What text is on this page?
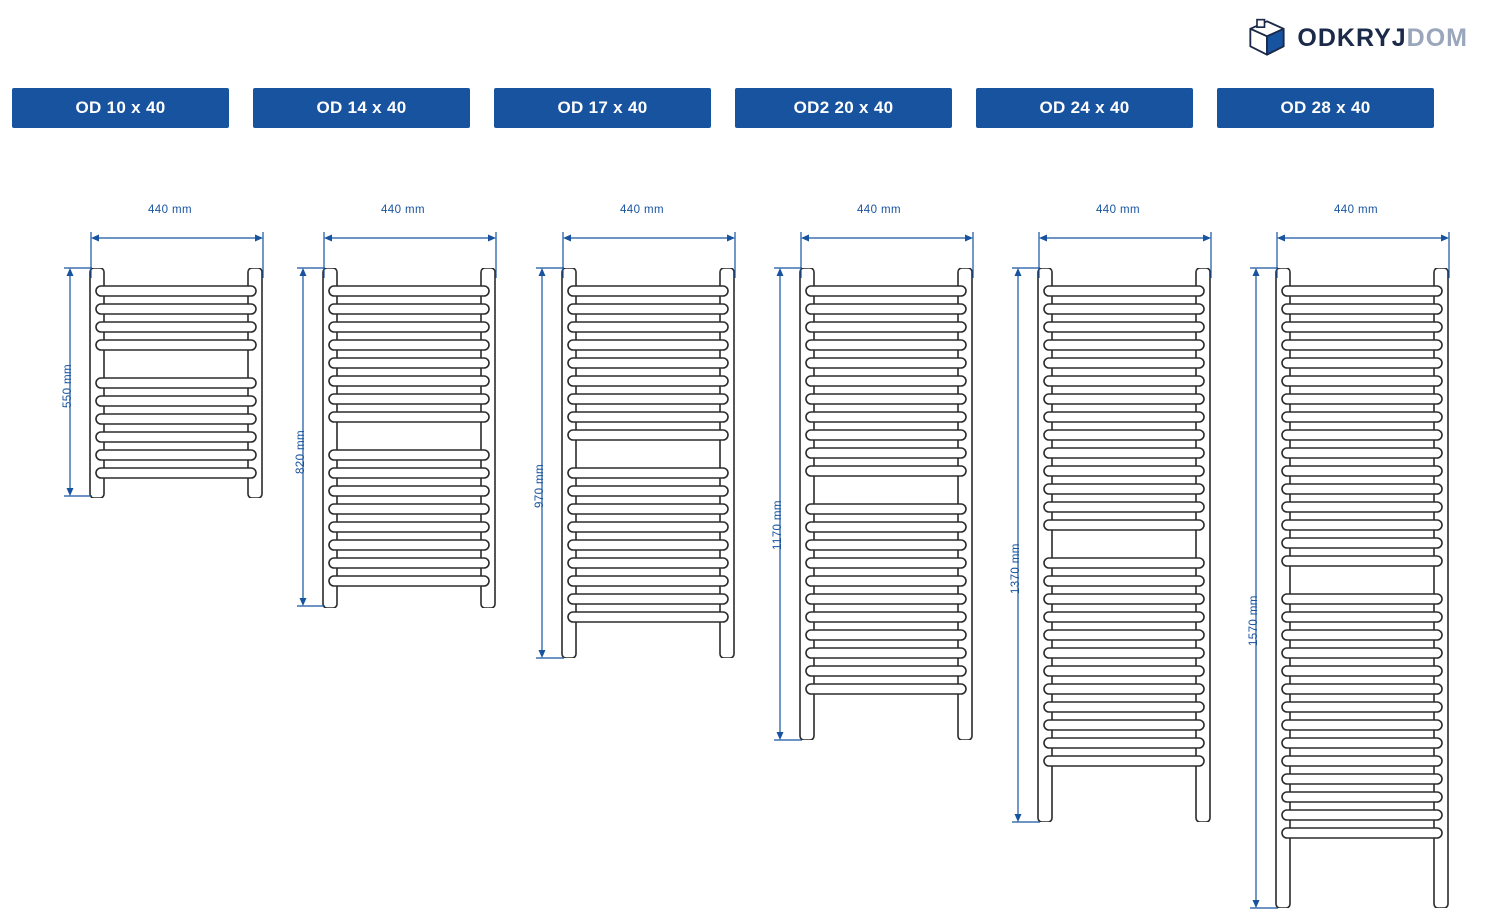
ODKRYJDOM
OD 10 x 40
440 mm
550 mm
OD 14 x 40
440 mm
820 mm
OD 17 x 40
440 mm
970 mm
OD2 20 x 40
440 mm
1170 mm
OD 24 x 40
440 mm
1370 mm
OD 28 x 40
440 mm
1570 mm
